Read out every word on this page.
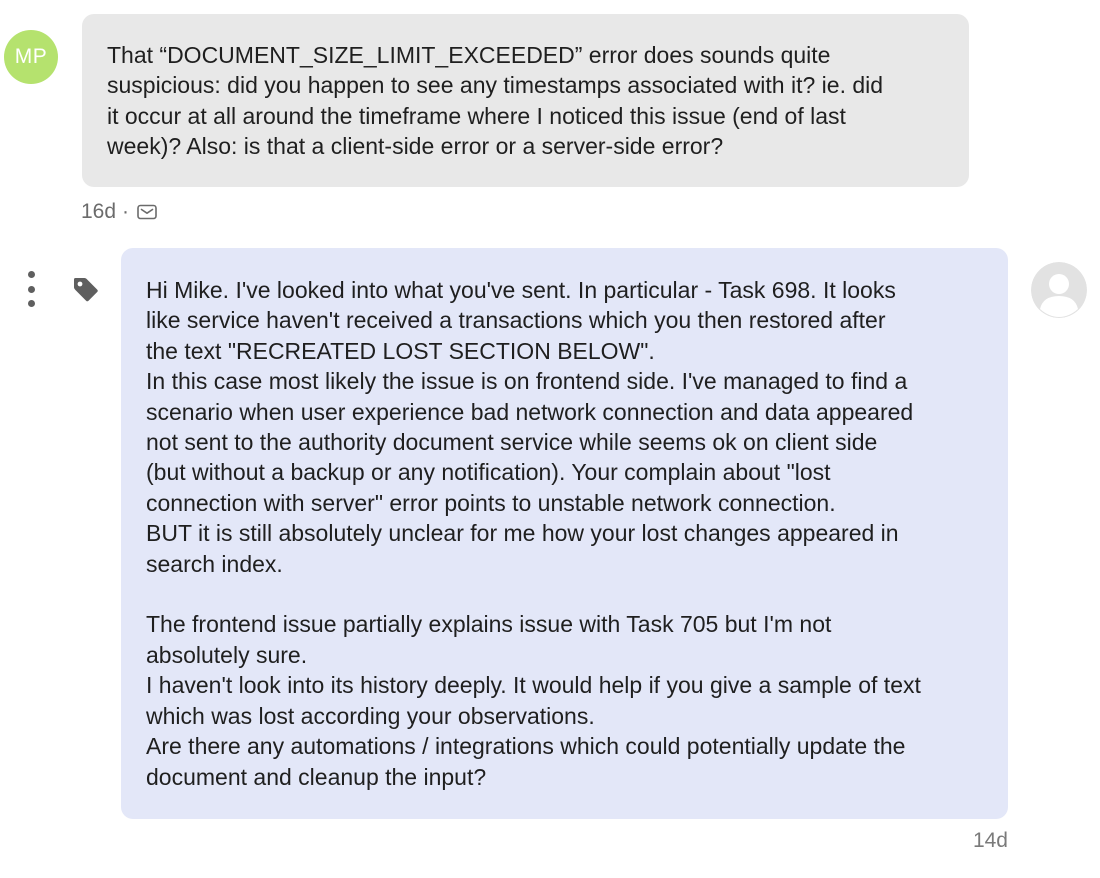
MP	That “DOCUMENT_SIZE_LIMIT_EXCEEDED” error does sounds quite
suspicious: did you happen to see any timestamps associated with it? ie. did
it occur at all around the timeframe where I noticed this issue (end of last
week)? Also: is that a client-side error or a server-side error?

16d ·

Hi Mike. I've looked into what you've sent. In particular - Task 698. It looks
like service haven't received a transactions which you then restored after
the text "RECREATED LOST SECTION BELOW".
In this case most likely the issue is on frontend side. I've managed to find a
scenario when user experience bad network connection and data appeared
not sent to the authority document service while seems ok on client side
(but without a backup or any notification). Your complain about "lost
connection with server" error points to unstable network connection.
BUT it is still absolutely unclear for me how your lost changes appeared in
search index.

The frontend issue partially explains issue with Task 705 but I'm not
absolutely sure.
I haven't look into its history deeply. It would help if you give a sample of text
which was lost according your observations.
Are there any automations / integrations which could potentially update the
document and cleanup the input?

14d
